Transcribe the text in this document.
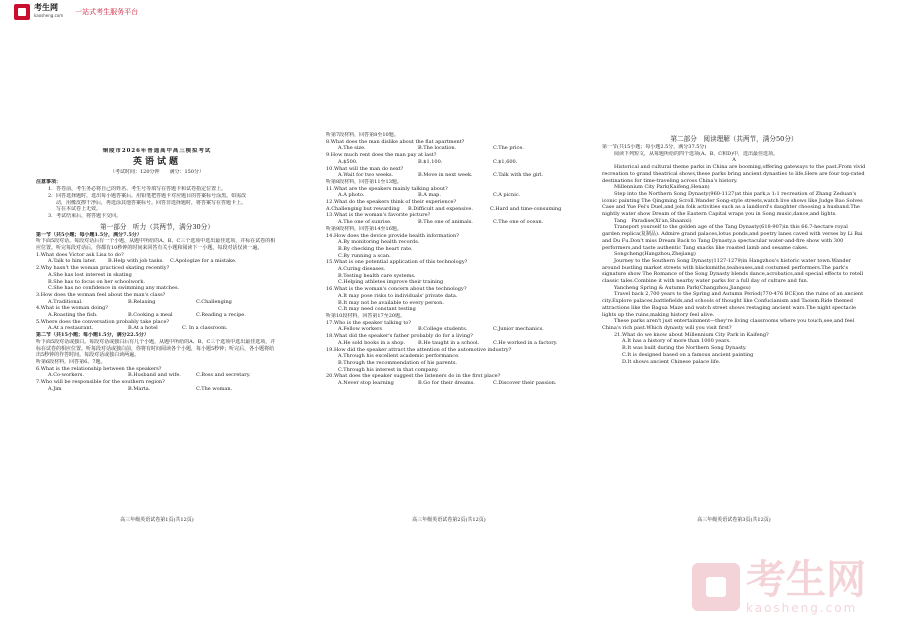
考生网
kaosheng.com 一站式考生服务平台

铜陵市2026年普通高中高三模拟考试

英语试题

（考试时间：120分钟　　满分：150分）

注意事项：

1．答卷前，考生务必将自己的姓名、考生号等填写在答题卡和试卷指定位置上。

2．回答选择题时，选出每小题答案后，用铅笔把答题卡对应题目的答案标号涂黑。如需改

动，用橡皮擦干净后，再选涂其他答案标号。回答非选择题时，将答案写在答题卡上。

写在本试卷上无效。

3．考试结束后，将答题卡交回。

第一部分　听力（共两节，满分30分）

第一节（共5小题；每小题1.5分，满分7.5分）

听下面5段对话。每段对话后有一个小题，从题中所给的A、B、C三个选项中选出最佳选项，并标在试卷的相应位置。听完每段对话后，你都有10秒钟的时间来回答有关小题和阅读下一小题。每段对话仅读一遍。

1.What does Victor ask Lisa to do?

A.Talk to him later.	B.Help with job tasks.	C.Apologize for a mistake.

2.Why hasn't the woman practiced skating recently?

A.She has lost interest in skating

B.She has to focus on her schoolwork.

C.She has no confidence in swimming any matches.

3.How does the woman feel about the man's class?

A.Traditional.	B.Relaxing	C.Challenging

4.What is the woman doing?

A.Roasting the fish.	B.Cooking a meal	C.Reading a recipe.

5.Where does the conversation probably take place?

A.At a restaurant.	B.At a hotel	C. In a classroom.

第二节（共15小题；每小题1.5分，满分22.5分）

听下面5段对话或独白。每段对话或独白后有几个小题，从题中所给的A、B、C三个选项中选出最佳选项，并标在试卷的相应位置。听每段对话或独白前，你将有时间阅读各个小题，每小题5秒钟；听完后，各小题将给出5秒钟的作答时间。每段对话或独白读两遍。

听第6段材料，回答第6、7题。

6.What is the relationship between the speakers?

A.Co-workers.	B.Husband and wife.	C.Boss and secretary.

7.Who will be responsible for the southern region?

A.Jim	B.Marta.	C.The woman.

听第7段材料，回答第8至10题。

8.What does the man dislike about the flat apartment?

A.The size.	B.The location.	C.The price.

9.How much rent does the man pay at last?

A.$500.	B.$1,100.	C.$1,600.

10.What will the man do next?

A.Wait for two weeks.	B.Move in next week.	C.Talk with the girl.

听第8段材料，回答第11至13题。

11.What are the speakers mainly talking about?

A.A photo.	B.A map.	C.A picnic.

12.What do the speakers think of their experience?

A.Challenging but rewarding	B.Difficult and expensive.	C.Hard and time-consuming

13.What is the woman's favorite picture?

A.The one of sunrise.	B.The one of animals.	C.The one of ocean.

听第9段材料，回答第14至16题。

14.How does the device provide health information?

A.By monitoring health records.

B.By checking the heart rate.

C.By running a scan.

15.What is one potential application of this technology?

A.Curing diseases.

B.Testing health care systems.

C.Helping athletes improve their training

16.What is the woman's concern about the technology?

A.It may pose risks to individuals' private data.

B.It may not be available to every person.

C.It may need constant testing

听第10段材料，回答第17至20题。

17.Who is the speaker talking to?

A.Fellow workers	B.College students.	C.Junior mechanics.

18.What did the speaker's father probably do for a living?

A.He sold books in a shop.	B.He taught in a school.	C.He worked in a factory.

19.How did the speaker attract the attention of the automotive industry?

A.Through his excellent academic performance.

B.Through the recommendation of his parents.

C.Through his interest in that company.

20.What does the speaker suggest the listeners do in the first place?

A.Never stop learning	B.Go for their dreams.	C.Discover their passion.

第二部分　阅读理解（共两节，满分50分）

第一节(共15小题；每小题2.5分，满分37.5分)

阅读下列短文，从每题所给的四个选项(A、B、C和D)中，选出最佳选项。

A

Historical and cultural theme parks in China are booming,offering gateways to the past.From vivid recreation to grand theatrical shows,these parks bring ancient dynasties to life.Here are four top-rated destinations for time-traveling across China's history.

Millennium City Park(Kaifeng,Henan)

Step into the Northern Song Dynasty(960-1127)at this park,a 1:1 recreation of Zhang Zeduan's iconic painting The Qingming Scroll.Wander Song-style streets,watch live shows like Judge Bao Solves Case and Yue Fei's Duel,and join folk activities such as a landlord's daughter choosing a husband.The nightly water show Dream of the Eastern Capital wraps you in Song music,dance,and lights.

Tang　Paradise(Xi'an,Shaanxi)

Transport yourself to the golden age of the Tang Dynasty(618-907)in this 66.7-hectare royal garden replica(复制品). Admire grand palaces,lotus ponds,and poetry lanes caved with verses by Li Bai and Du Fu.Don't miss Dream Back to Tang Dynasty,a spectacular water-and-fire show with 300 performers,and taste authentic Tang snacks like roasted lamb and sesame cakes.

Songcheng(Hangzhou,Zhejiang)

Journey to the Southern Song Dynasty(1127-1279)in Hangzhou's historic water town.Wander around bustling market streets with blacksmiths,teahouses,and costumed performers.The park's signature show The Romance of the Song Dynasty blends dance,acrobatics,and special effects to retell classic tales.Combine it with nearby water parks for a full day of culture and fun.

Yancheng Spring & Autumn Park(Changzhou,Jiangsu)

Travel back 2,700 years to the Spring and Autumn Period(770-476 BCE)on the ruins of an ancient city.Explore palaces,battlefields,and schools of thought like Confucianism and Taoism.Ride themed attractions like the Bagua Maze and watch street shows restaging ancient wars.The night spectacle lights up the ruins,making history feel alive.

These parks aren't just entertainment—they're living classrooms where you touch,see,and feel China's rich past.Which dynasty will you visit first?

21.What do we know about Millennium City Park in Kaifeng?

A.It has a history of more than 1000 years.

B.It was built during the Northern Song Dynasty.

C.It is designed based on a famous ancient painting

D.It shows ancient Chinese palace life.

高三年级英语试卷第1页(共12页)	高三年级英语试卷第2页(共12页)	高三年级英语试卷第3页(共12页)
考生网
kaosheng.com
